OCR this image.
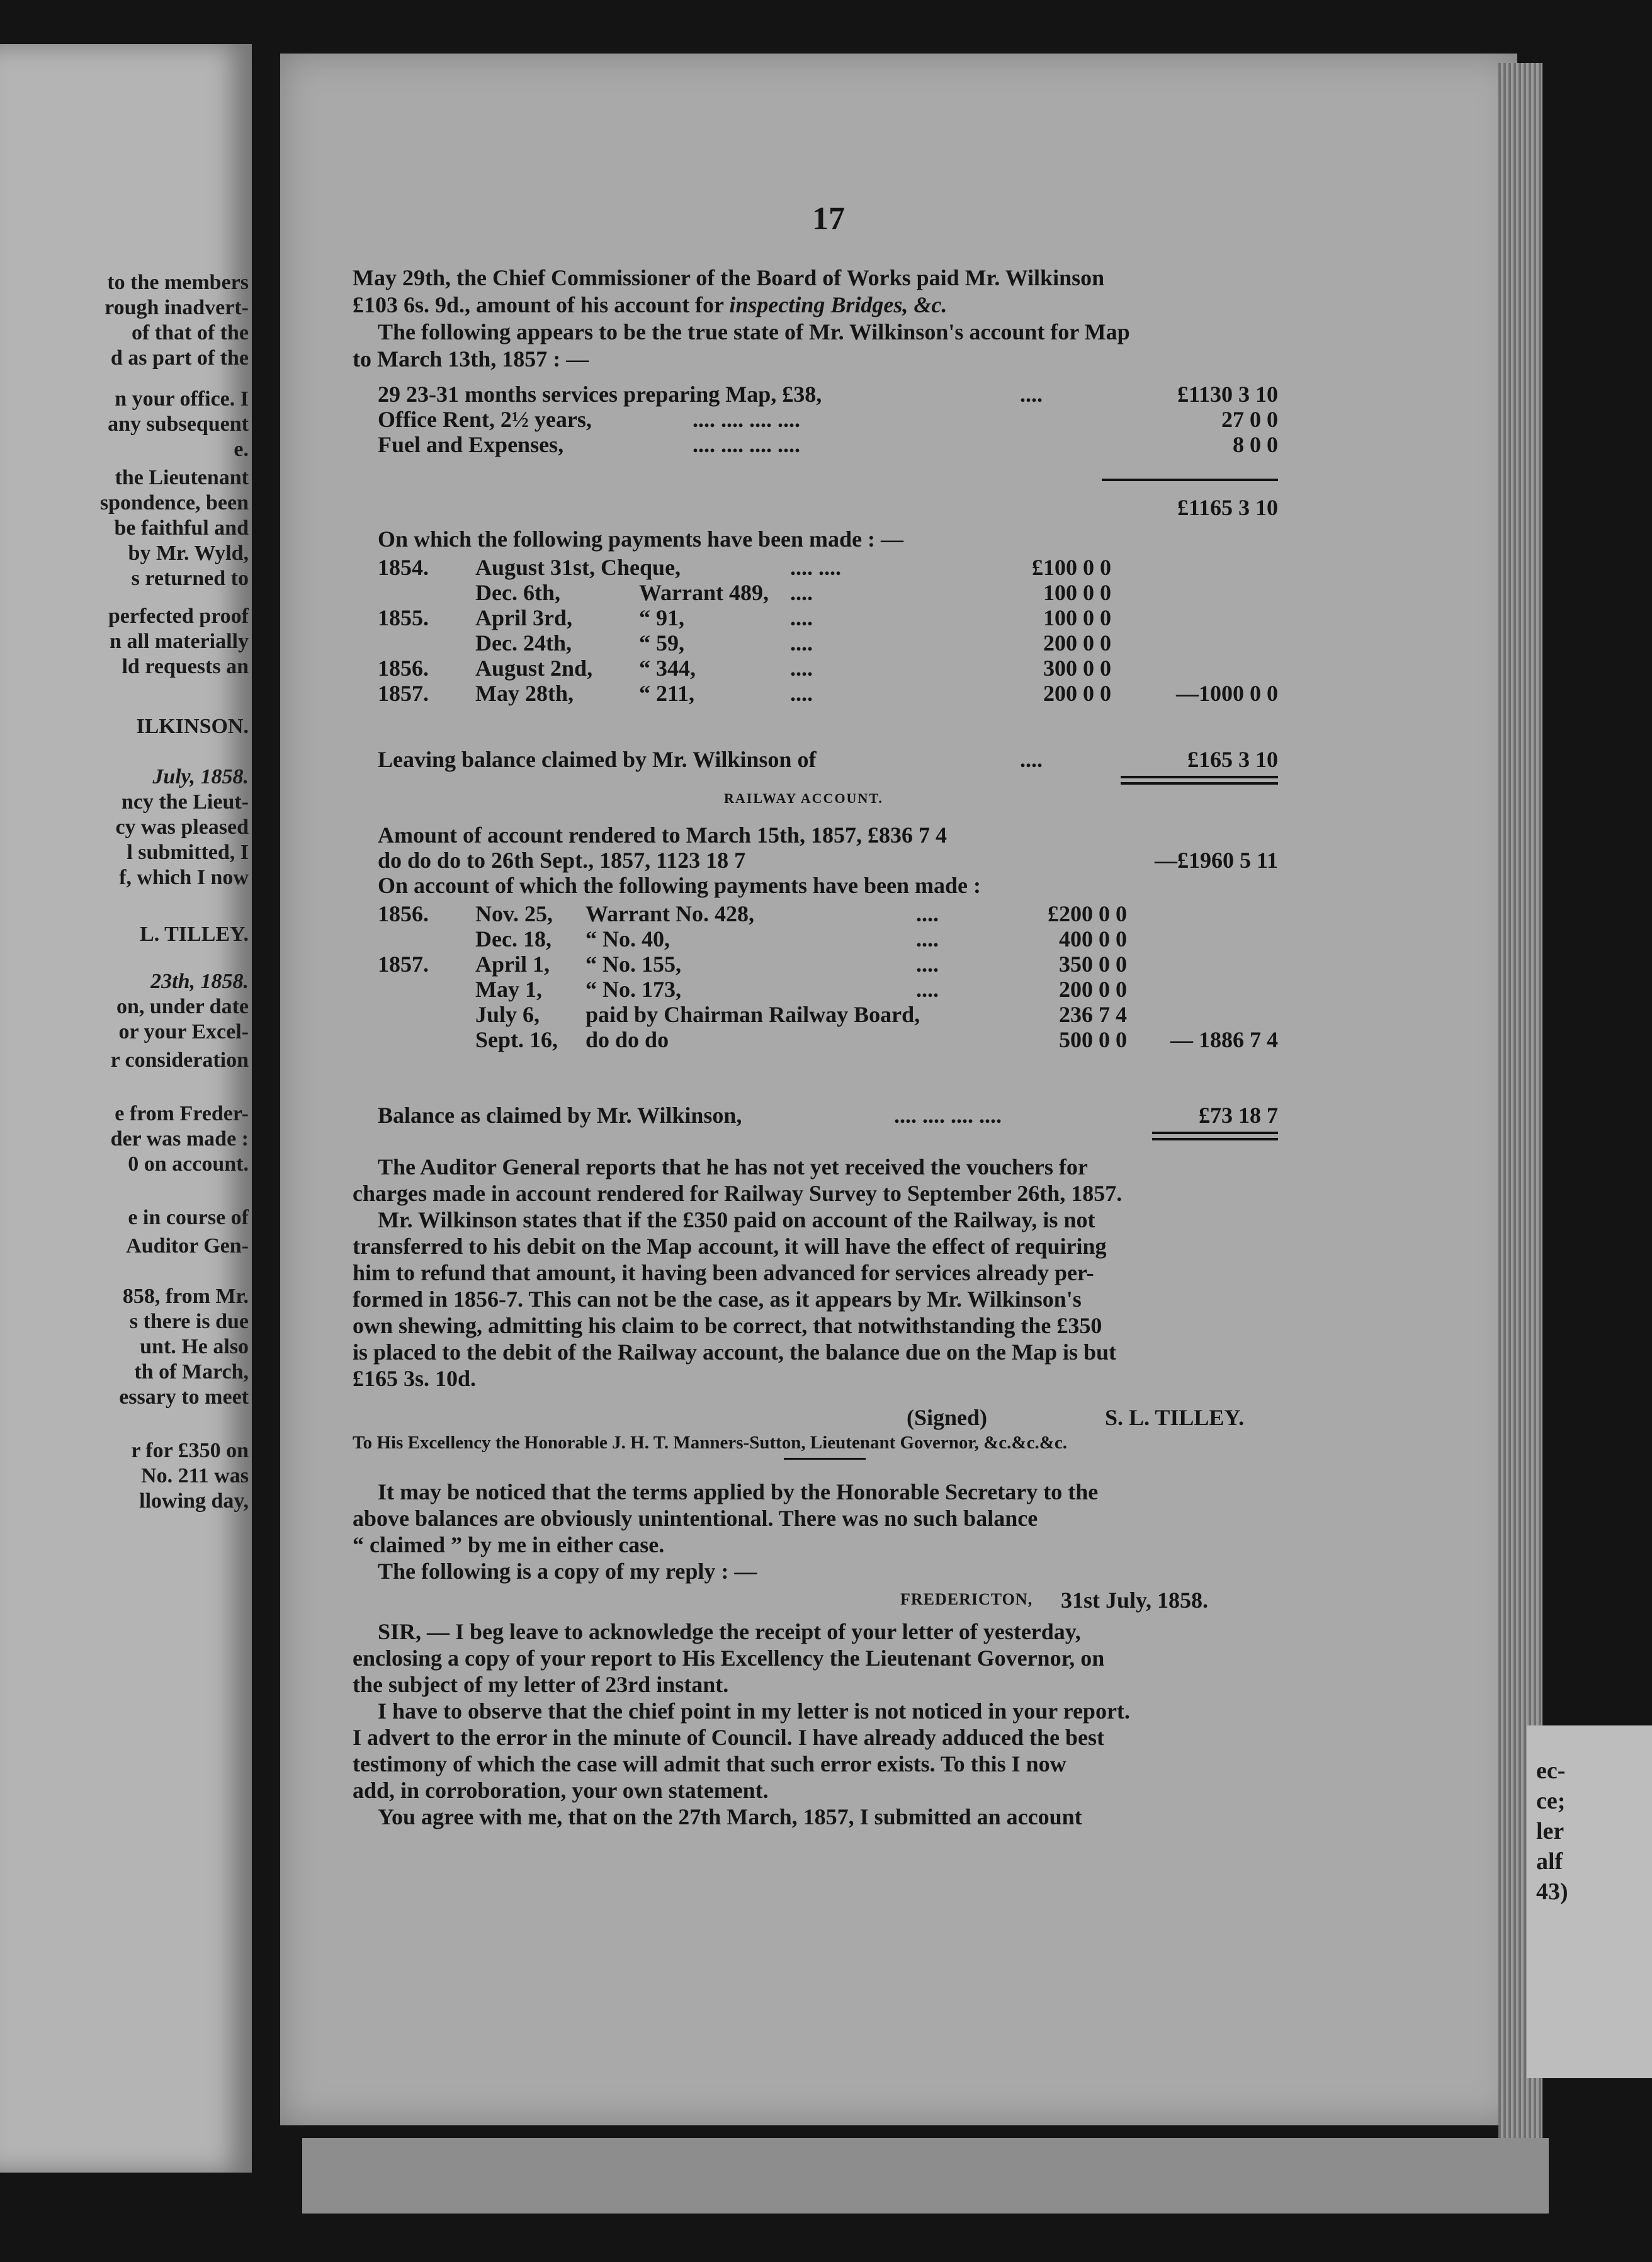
to the members
rough inadvert-
of that of the
d as part of the
n your office. I
any subsequent
e.
the Lieutenant
spondence, been
be faithful and
by Mr. Wyld,
s returned to
perfected proof
n all materially
ld requests an
ILKINSON.
July, 1858.
ncy the Lieut-
cy was pleased
l submitted, I
f, which I now
L. TILLEY.
23th, 1858.
on, under date
or your Excel-
r consideration
e from Freder-
der was made :
0 on account.
e in course of
Auditor Gen-
858, from Mr.
s there is due
unt. He also
th of March,
essary to meet
r for £350 on
No. 211 was
llowing day,
ec-
ce;
ler
alf
43)
17
May 29th, the Chief Commissioner of the Board of Works paid Mr. Wilkinson
£103 6s. 9d., amount of his account for inspecting Bridges, &c.
The following appears to be the true state of Mr. Wilkinson's account for Map
to March 13th, 1857 : —
29 23-31 months services preparing Map, £38,	....	£1130 3 10
Office Rent, 2½ years,	.... .... .... ....	27 0 0
Fuel and Expenses,	.... .... .... ....	8 0 0
£1165 3 10
On which the following payments have been made : —
1854. August 31st, Cheque,	.... ....	£100 0 0
Dec. 6th,	Warrant 489, ....	100 0 0
1855. April 3rd,	“ 91,	....	100 0 0
Dec. 24th,	“ 59,	....	200 0 0
1856. August 2nd, “ 344,	....	300 0 0
1857. May 28th,	“ 211,	....	200 0 0	—1000 0 0
Leaving balance claimed by Mr. Wilkinson of	....	£165 3 10
RAILWAY ACCOUNT.
Amount of account rendered to March 15th, 1857, £836 7 4
do do do to 26th Sept., 1857, 1123 18 7	—£1960 5 11
On account of which the following payments have been made :
1856. Nov. 25, Warrant No. 428,	....	£200 0 0
Dec. 18, “ No. 40,	....	400 0 0
1857. April 1, “ No. 155,	....	350 0 0
May 1, “ No. 173,	....	200 0 0
July 6, paid by Chairman Railway Board,	236 7 4
Sept. 16, do do do	500 0 0 — 1886 7 4
Balance as claimed by Mr. Wilkinson,	.... .... .... ....	£73 18 7
The Auditor General reports that he has not yet received the vouchers for
charges made in account rendered for Railway Survey to September 26th, 1857.
Mr. Wilkinson states that if the £350 paid on account of the Railway, is not
transferred to his debit on the Map account, it will have the effect of requiring
him to refund that amount, it having been advanced for services already per-
formed in 1856-7. This can not be the case, as it appears by Mr. Wilkinson's
own shewing, admitting his claim to be correct, that notwithstanding the £350
is placed to the debit of the Railway account, the balance due on the Map is but
£165 3s. 10d.
(Signed)	S. L. TILLEY.
To His Excellency the Honorable J. H. T. Manners-Sutton, Lieutenant Governor, &c.&c.&c.
It may be noticed that the terms applied by the Honorable Secretary to the
above balances are obviously unintentional. There was no such balance
“ claimed ” by me in either case.
The following is a copy of my reply : —
FREDERICTON, 31st July, 1858.
SIR, — I beg leave to acknowledge the receipt of your letter of yesterday,
enclosing a copy of your report to His Excellency the Lieutenant Governor, on
the subject of my letter of 23rd instant.
I have to observe that the chief point in my letter is not noticed in your report.
I advert to the error in the minute of Council. I have already adduced the best
testimony of which the case will admit that such error exists. To this I now
add, in corroboration, your own statement.
You agree with me, that on the 27th March, 1857, I submitted an account
